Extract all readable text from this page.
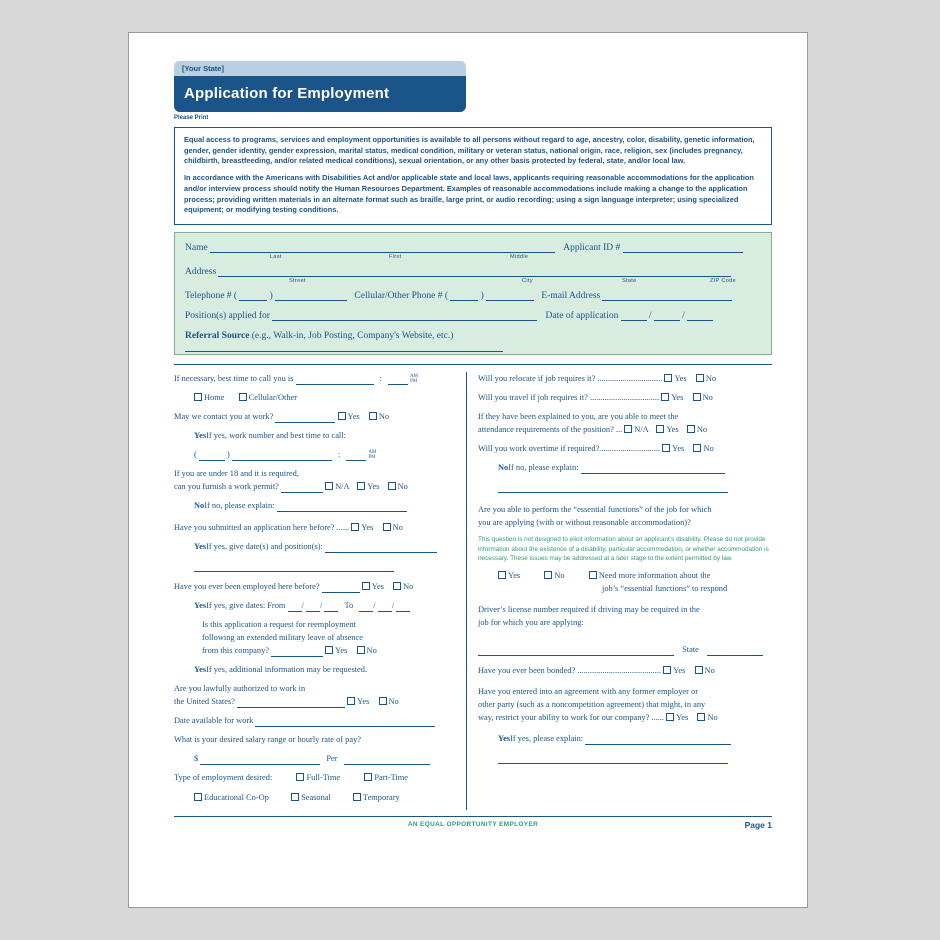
[Your State]
Application for Employment
Please Print

Equal access to programs, services and employment opportunities is available to all persons without regard to age, ancestry, color, disability, genetic information, gender, gender identity, gender expression, marital status, medical condition, military or veteran status, national origin, race, religion, sex (includes pregnancy, childbirth, breastfeeding, and/or related medical conditions), sexual orientation, or any other basis protected by federal, state, and/or local law.

In accordance with the Americans with Disabilities Act and/or applicable state and local laws, applicants requiring reasonable accommodations for the application and/or interview process should notify the Human Resources Department. Examples of reasonable accommodations include making a change to the application process; providing written materials in an alternate format such as braille, large print, or audio recording; using a sign language interpreter; using specialized equipment; or modifying testing conditions.

Name	Applicant ID #
Last	First	Middle
Address
Street	City	State	ZIP Code
Telephone # (	)	Cellular/Other Phone # (	)	E-mail Address
Position(s) applied for	Date of application	/	/
Referral Source (e.g., Walk-in, Job Posting, Company's Website, etc.)
If necessary, best time to call you is	:	AM
PM
Home	Cellular/Other
May we contact you at work?	Yes No
YesIf yes, work number and best time to call:
(	)	:	AM
PM
If you are under 18 and it is required,
can you furnish a work permit?	N/A Yes No
NoIf no, please explain:
Have you submitted an application here before? ...... Yes No
YesIf yes, give date(s) and position(s):
Have you ever been employed here before?	Yes No
YesIf yes, give dates: From / /	To / /
Is this application a request for reemployment
following an extended military leave of absence
from this company?	Yes No
YesIf yes, additional information may be requested.
Are you lawfully authorized to work in
the United States?	Yes No
Date available for work
What is your desired salary range or hourly rate of pay?
$	Per
Type of employment desired:	Full-Time	Part-Time
Educational Co-Op	Seasonal	Temporary
Will you relocate if job requires it? ............................... Yes No
Will you travel if job requires it? ................................. Yes No
If they have been explained to you, are you able to meet the
attendance requirements of the position? ... N/A Yes No
Will you work overtime if required?............................. Yes No
NoIf no, please explain:
Are you able to perform the “essential functions” of the job for which
you are applying (with or without reasonable accommodation)?
This question is not designed to elicit information about an applicant’s disability. Please do not provide information about the existence of a disability, particular accommodation, or whether accommodation is necessary. These issues may be addressed at a later stage to the extent permitted by law.
Yes	No	Need more information about the
job’s “essential functions” to respond
Driver’s license number required if driving may be required in the
job for which you are applying:
State
Have you ever been bonded? ........................................ Yes No
Have you entered into an agreement with any former employer or
other party (such as a noncompetition agreement) that might, in any
way, restrict your ability to work for our company? ...... Yes No
YesIf yes, please explain:
AN EQUAL OPPORTUNITY EMPLOYER	Page 1
